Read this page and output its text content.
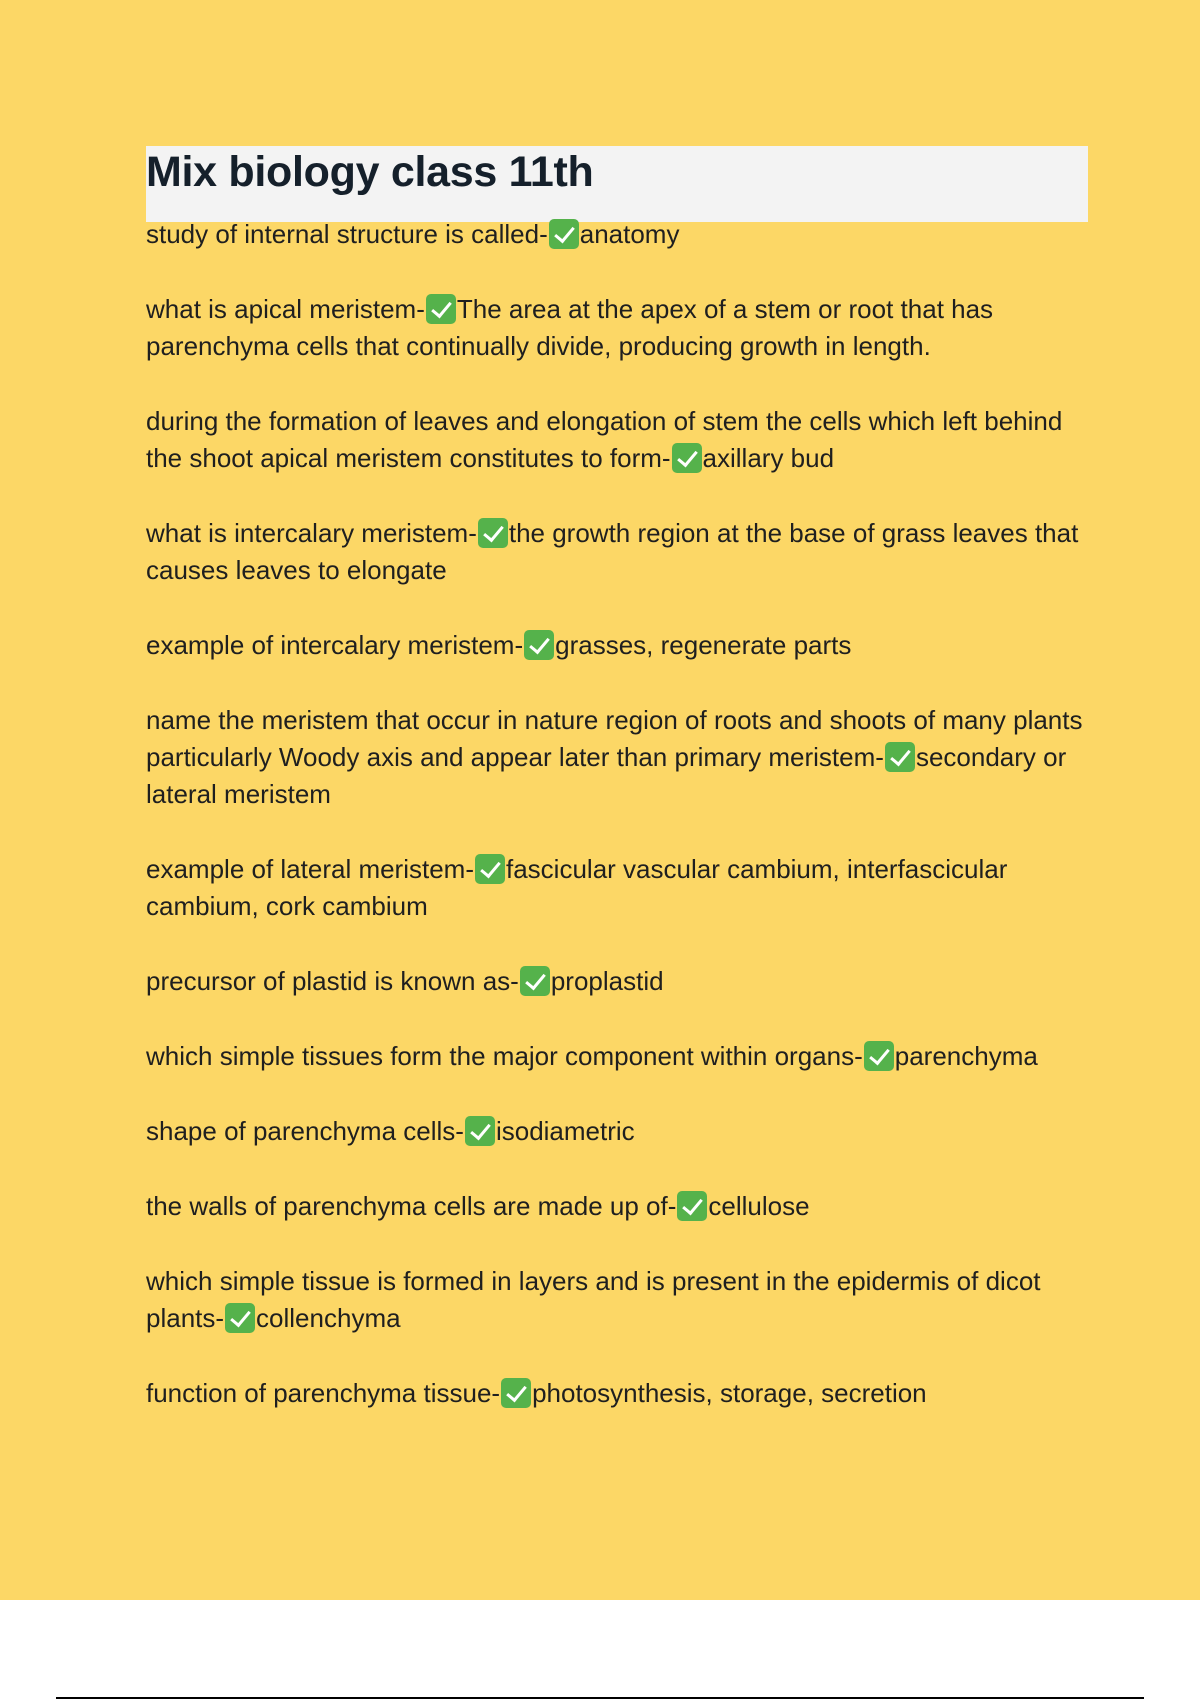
Mix biology class 11th

study of internal structure is called- anatomy

what is apical meristem- The area at the apex of a stem or root that has parenchyma cells that continually divide, producing growth in length.

during the formation of leaves and elongation of stem the cells which left behind the shoot apical meristem constitutes to form- axillary bud

what is intercalary meristem- the growth region at the base of grass leaves that causes leaves to elongate

example of intercalary meristem- grasses, regenerate parts

name the meristem that occur in nature region of roots and shoots of many plants particularly Woody axis and appear later than primary meristem- secondary or lateral meristem

example of lateral meristem- fascicular vascular cambium, interfascicular cambium, cork cambium

precursor of plastid is known as- proplastid

which simple tissues form the major component within organs- parenchyma

shape of parenchyma cells- isodiametric

the walls of parenchyma cells are made up of- cellulose

which simple tissue is formed in layers and is present in the epidermis of dicot plants- collenchyma

function of parenchyma tissue- photosynthesis, storage, secretion
